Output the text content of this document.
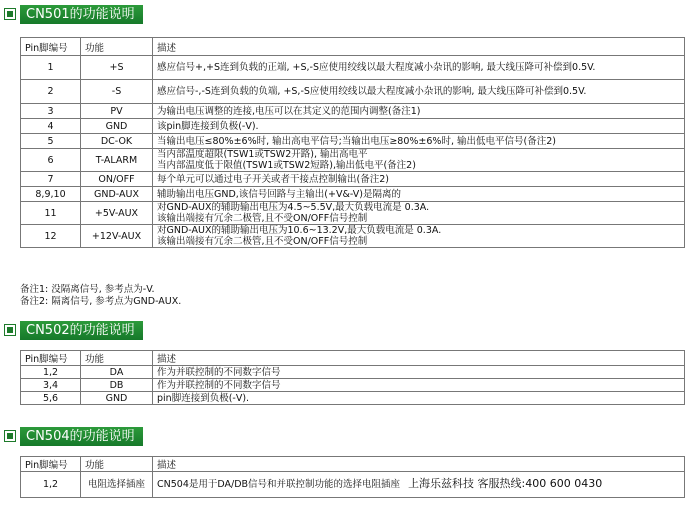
CN501的功能说明
Pin脚编号	功能	描述
1	+S	感应信号+,+S连到负载的正端, +S,-S应使用绞线以最大程度减小杂讯的影响, 最大线压降可补偿到0.5V.

2	-S	感应信号-,-S连到负载的负端, +S,-S应使用绞线以最大程度减小杂讯的影响, 最大线压降可补偿到0.5V.

3	PV	为输出电压调整的连接,电压可以在其定义的范围内调整(备注1)

4	GND	该pin脚连接到负极(-V).

5	DC-OK	当输出电压≤80%±6%时, 输出高电平信号;当输出电压≥80%±6%时, 输出低电平信号(备注2)

6	T-ALARM	当内部温度超限(TSW1或TSW2开路), 输出高电平
当内部温度低于限值(TSW1或TSW2短路),输出低电平(备注2)

7	ON/OFF	每个单元可以通过电子开关或者干接点控制输出(备注2)

8,9,10	GND-AUX	辅助输出电压GND,该信号回路与主输出(+V&-V)是隔离的

11	+5V-AUX	对GND-AUX的辅助输出电压为4.5~5.5V,最大负载电流是 0.3A.
该输出端接有冗余二极管,且不受ON/OFF信号控制

12	+12V-AUX	对GND-AUX的辅助输出电压为10.6~13.2V,最大负载电流是 0.3A.
该输出端接有冗余二极管,且不受ON/OFF信号控制
备注1: 没隔离信号, 参考点为-V.
备注2: 隔离信号, 参考点为GND-AUX.
CN502的功能说明
Pin脚编号	功能	描述
1,2	DA	作为并联控制的不同数字信号

3,4	DB	作为并联控制的不同数字信号

5,6	GND	pin脚连接到负极(-V).
CN504的功能说明
Pin脚编号	功能	描述
1,2	电阻选择插座	CN504是用于DA/DB信号和并联控制功能的选择电阻插座 上海乐兹科技 客服热线:400 600 0430
